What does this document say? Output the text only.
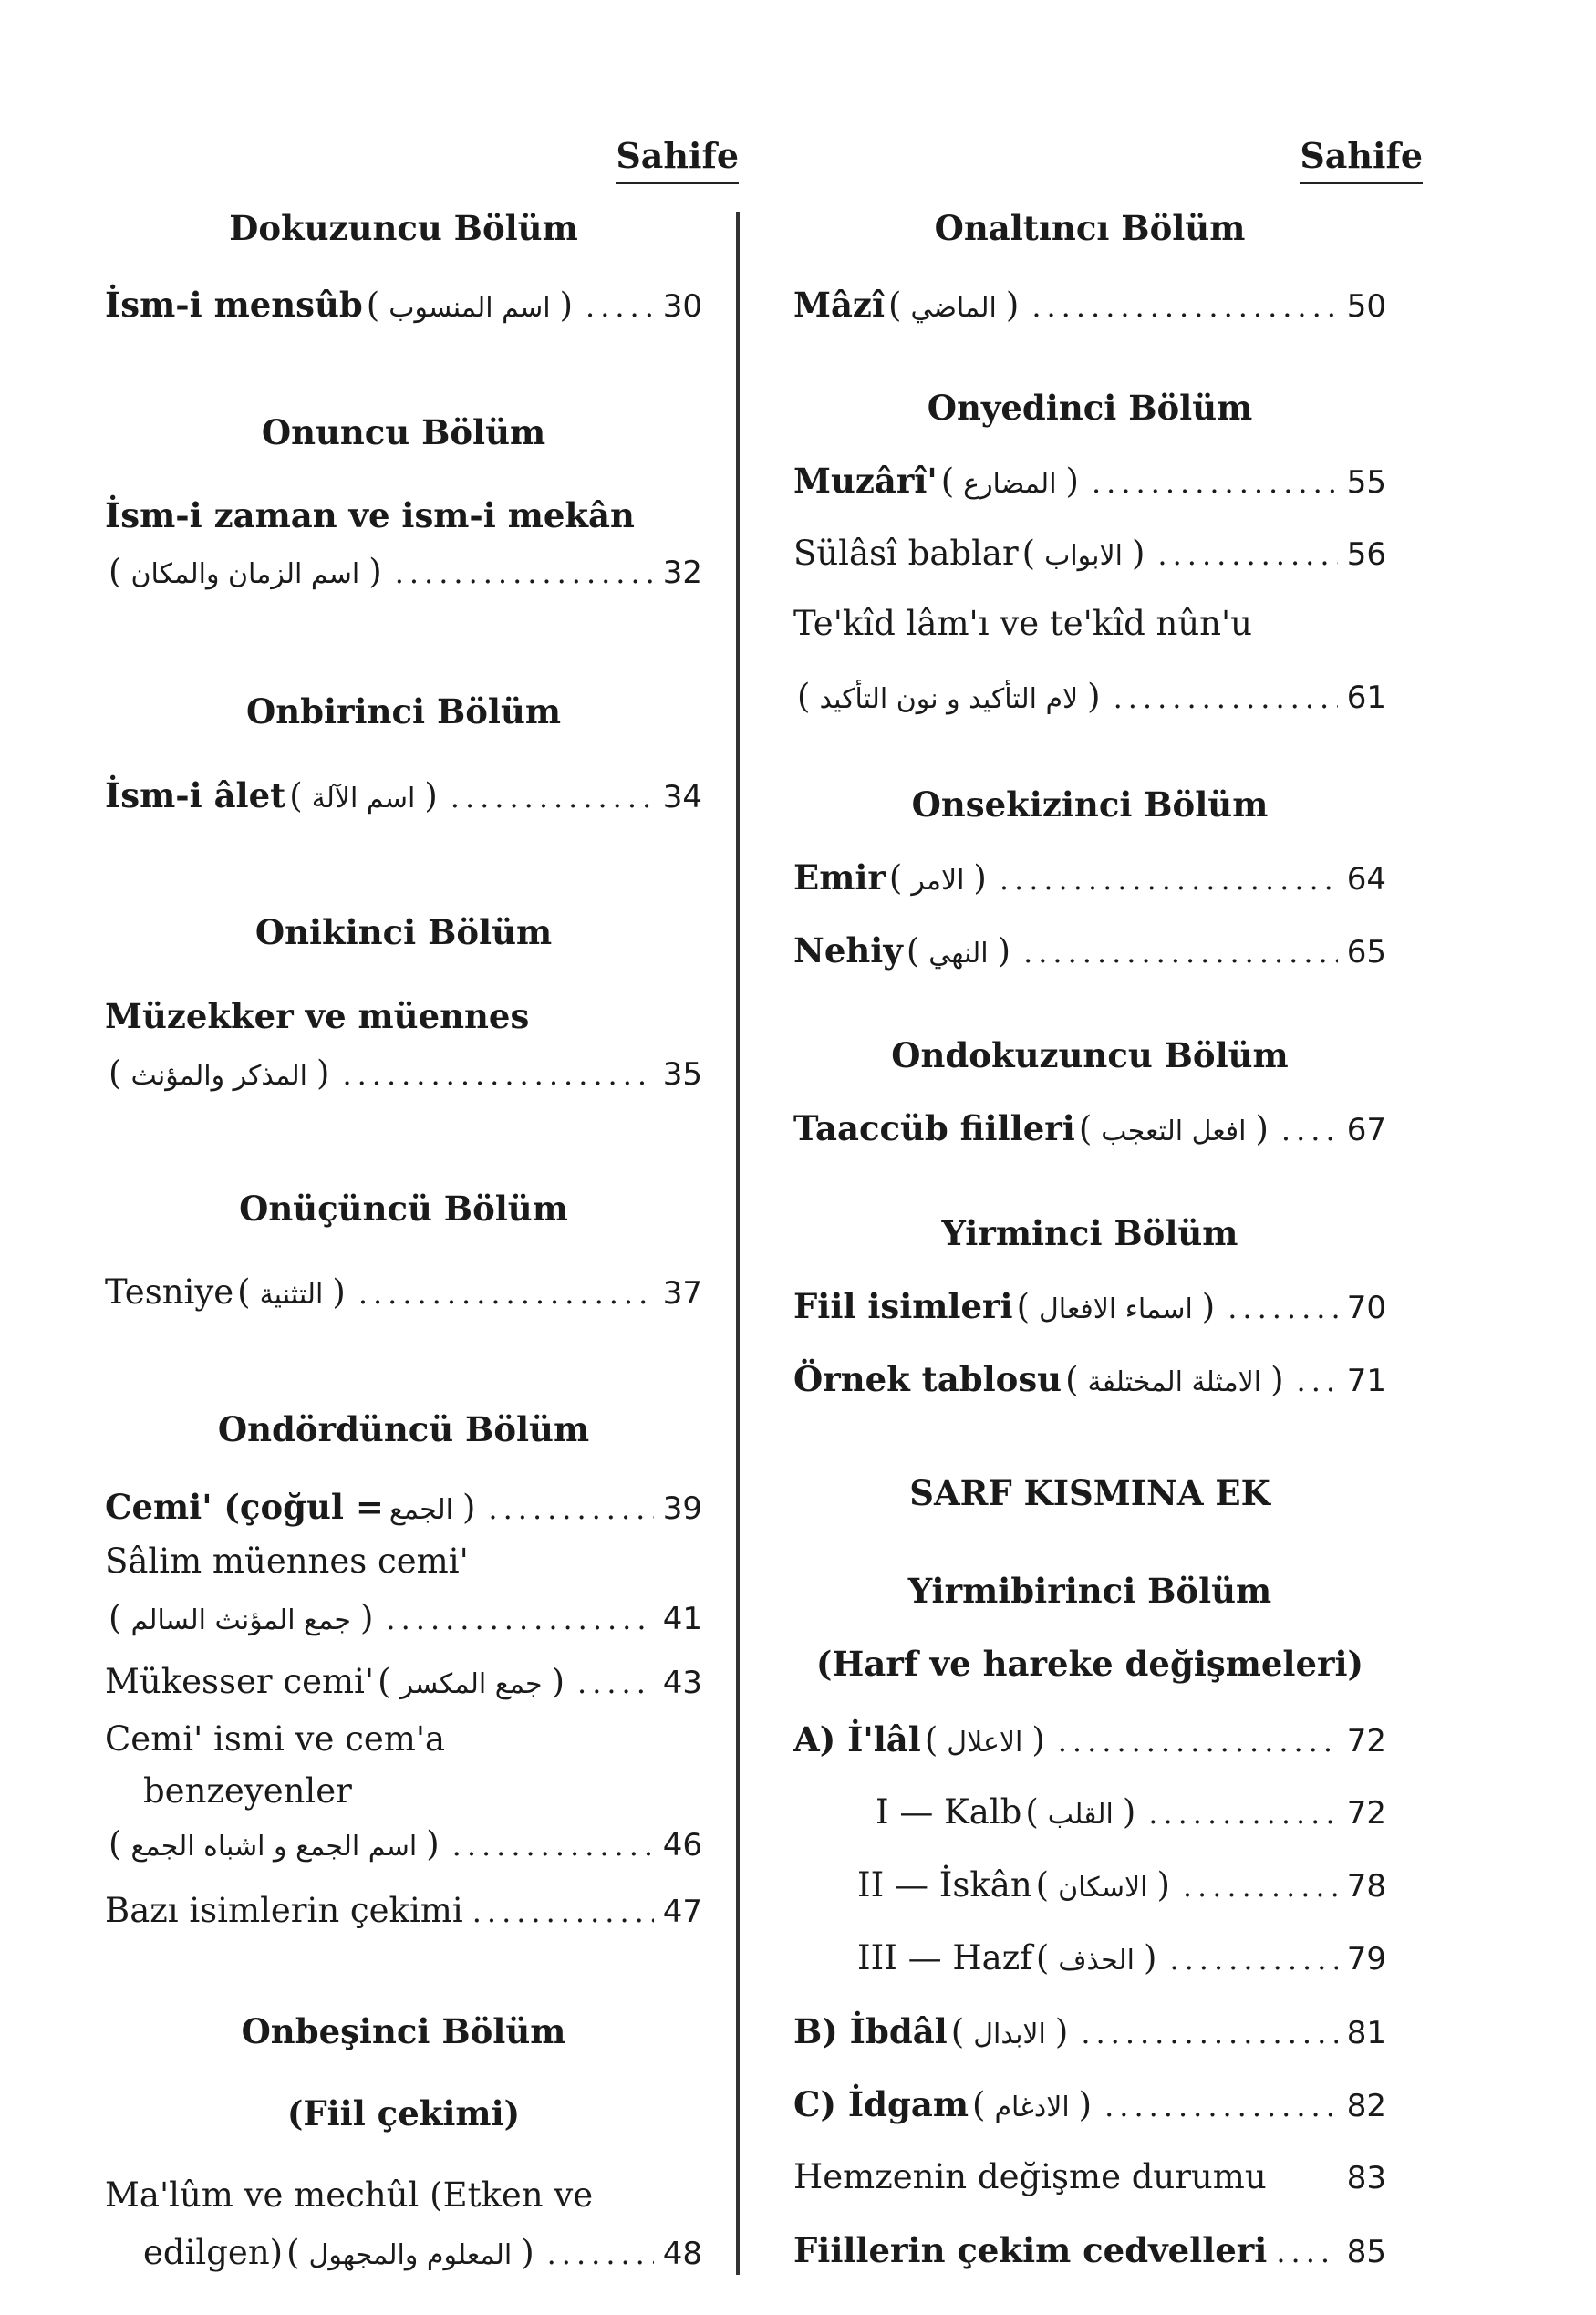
Sahife
Dokuzuncu Bölüm
İsm-i mensûb ( اسم المنسوب ) .....	30
Onuncu Bölüm
İsm-i zaman ve ism-i mekân
( اسم الزمان والمكان ) .....	32
Onbirinci Bölüm
İsm-i âlet ( اسم الآلة ) .....	34
Onikinci Bölüm
Müzekker ve müennes
( المذكر والمؤنث ) .....	35
Onüçüncü Bölüm
Tesniye ( التثنية ) .....	37
Ondördüncü Bölüm
Cemi' (çoğul = الجمع ) .....	39
Sâlim müennes cemi'
( جمع المؤنث السالم ) .....	41
Mükesser cemi' ( جمع المكسر ) .....	43
Cemi' ismi ve cem'a
benzeyenler
( اسم الجمع و اشباه الجمع ) .....	46
Bazı isimlerin çekimi .....	47
Onbeşinci Bölüm
(Fiil çekimi)
Ma'lûm ve mechûl (Etken ve
edilgen) ( المعلوم والمجهول ) .....	48
Sahife
Onaltıncı Bölüm
Mâzî ( الماضي ) .....	50
Onyedinci Bölüm
Muzârî' ( المضارع ) .....	55
Sülâsî bablar ( الابواب ) .....	56
Te'kîd lâm'ı ve te'kîd nûn'u
( لام التأكيد و نون التأكيد ) .....	61
Onsekizinci Bölüm
Emir ( الامر ) .....	64
Nehiy ( النهي ) .....	65
Ondokuzuncu Bölüm
Taaccüb fiilleri ( افعل التعجب ) .....	67
Yirminci Bölüm
Fiil isimleri ( اسماء الافعال ) .....	70
Örnek tablosu ( الامثلة المختلفة ) ..... 71
SARF KISMINA EK
Yirmibirinci Bölüm
(Harf ve hareke değişmeleri)
A) İ'lâl ( الاعلال ) .....	72
I — Kalb ( القلب ) .....	72
II — İskân ( الاسكان ) .....	78
III — Hazf ( الحذف ) .....	79
B) İbdâl ( الابدال ) .....	81
C) İdgam ( الادغام ) .....	82
Hemzenin değişme durumu	83
Fiillerin çekim cedvelleri .....	85
